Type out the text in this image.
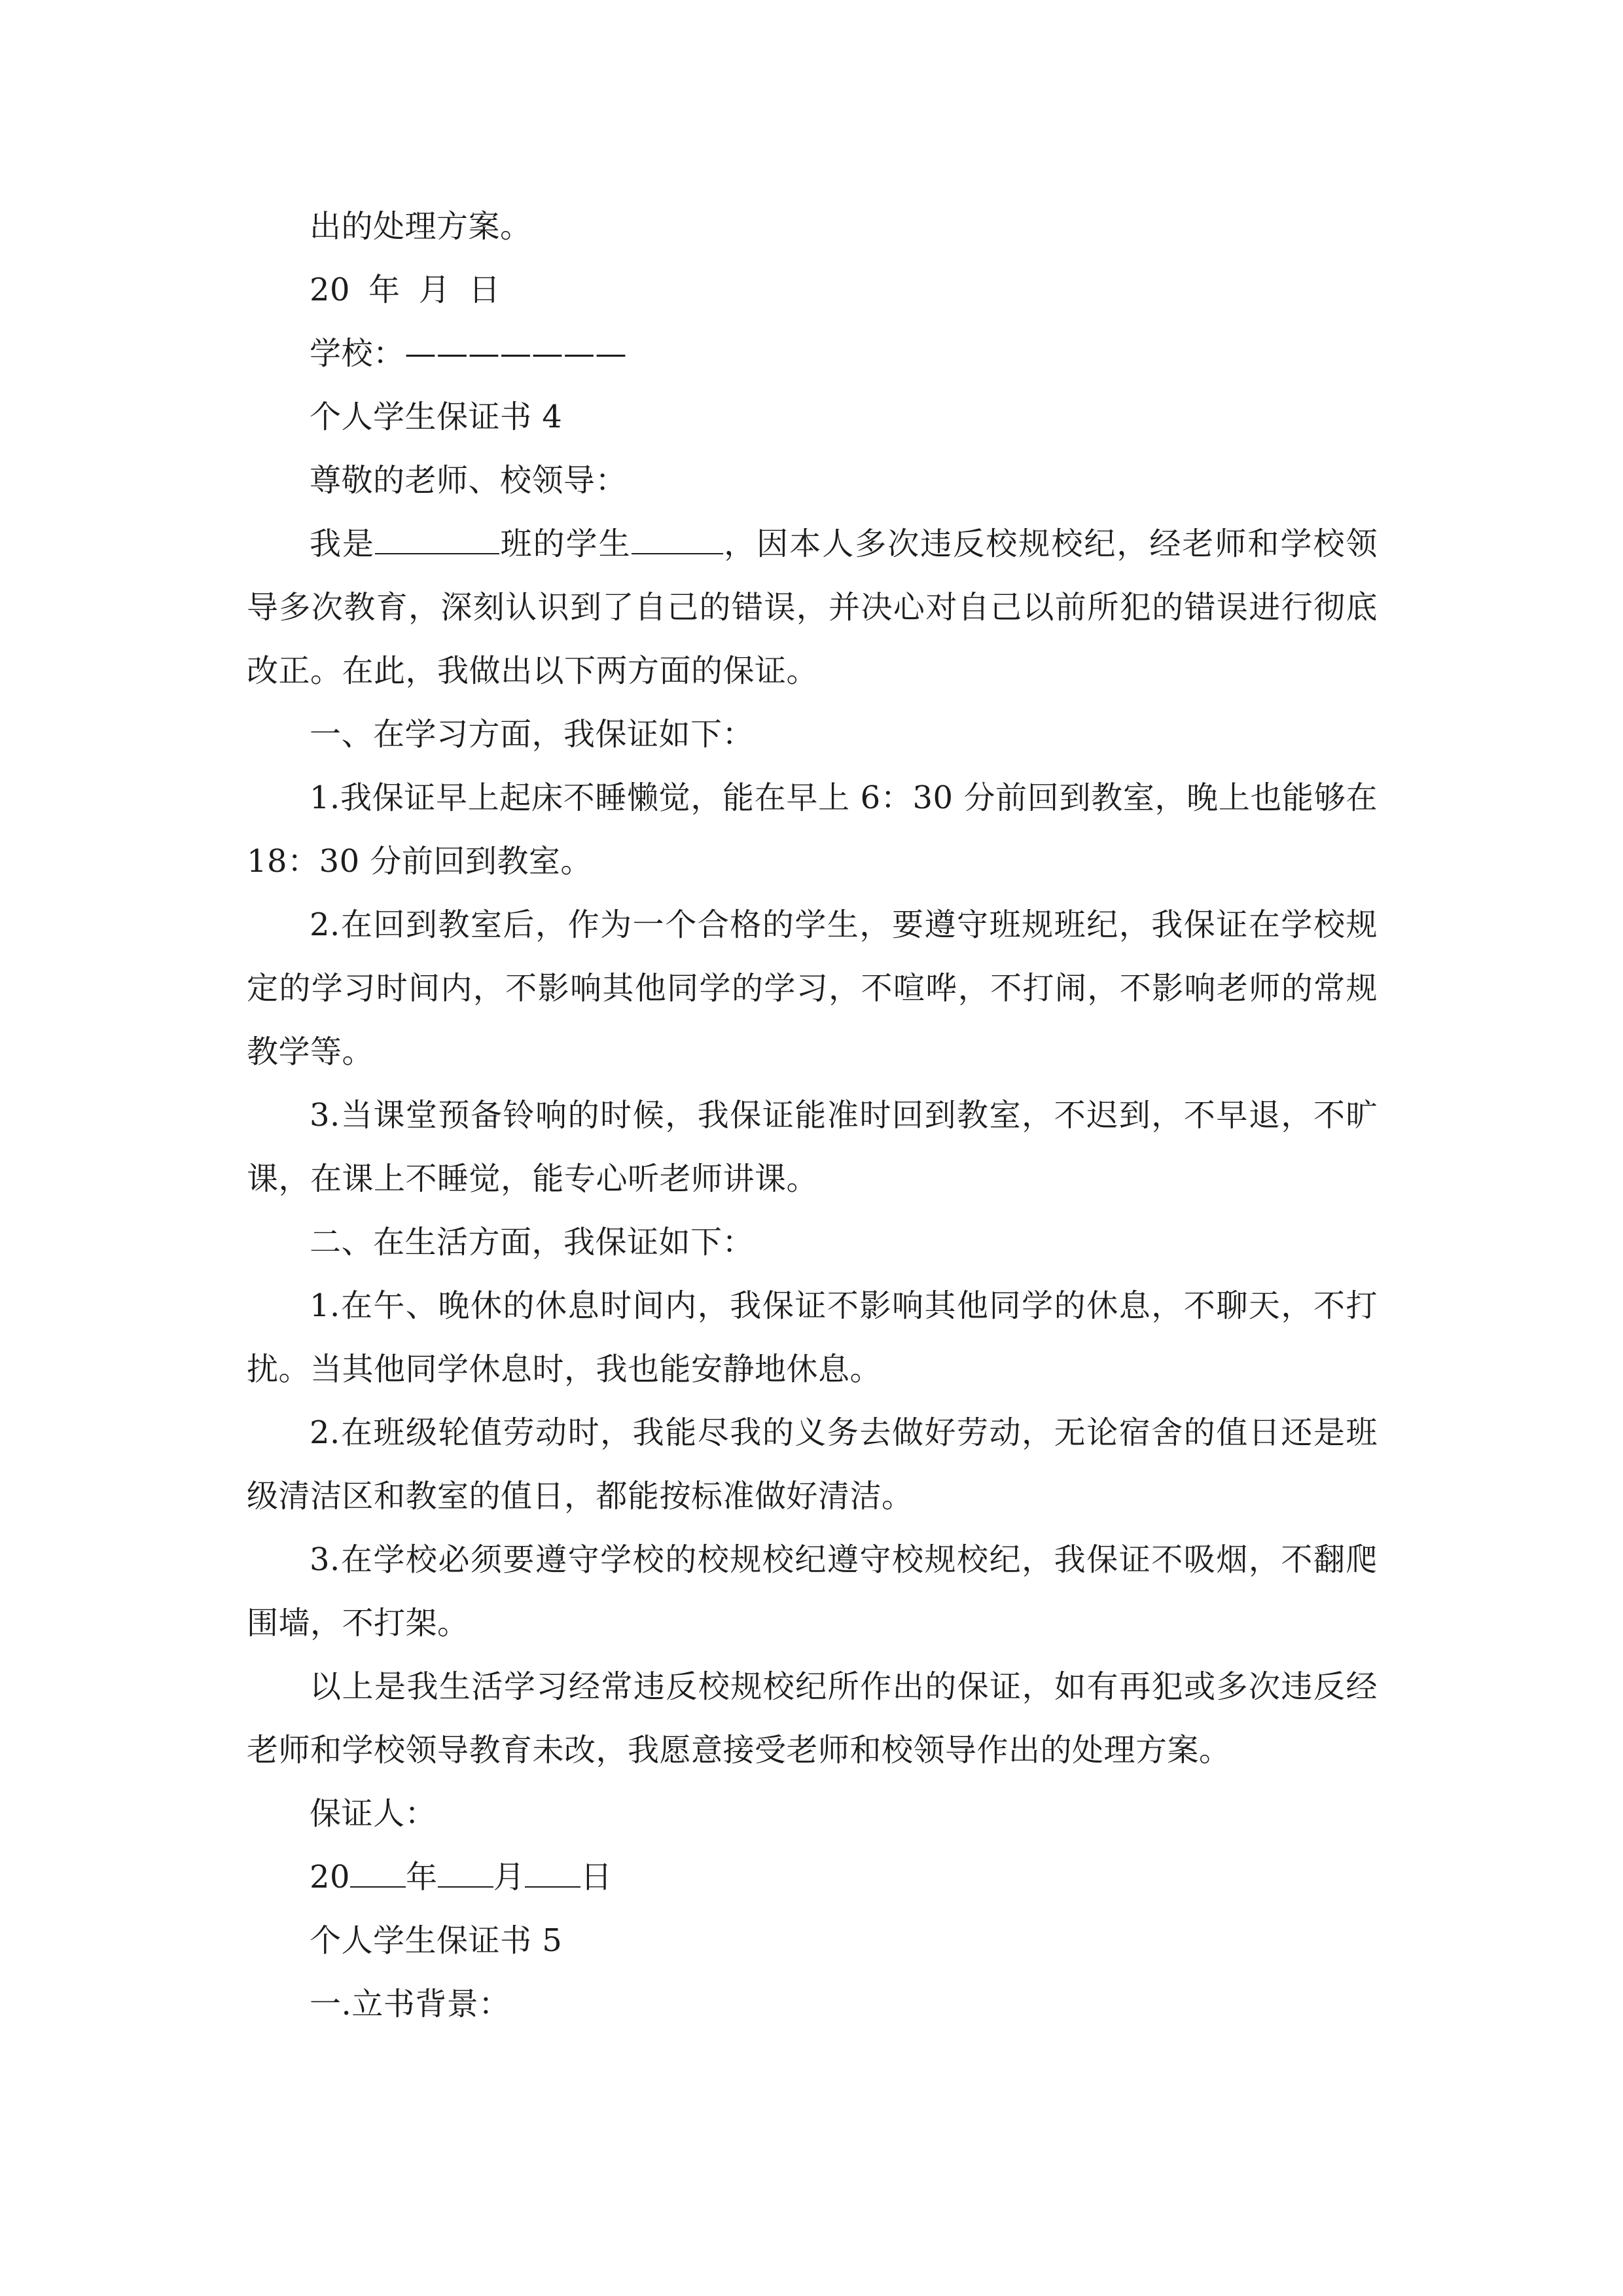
出的处理方案。

20 年 月 日

学校：———————

个人学生保证书 4

尊敬的老师、校领导：

我是	班的学生	，因本人多次违反校规校纪，经老师和学校领导多次教育，深刻认识到了自己的错误，并决心对自己以前所犯的错误进行彻底改正。在此，我做出以下两方面的保证。

一、在学习方面，我保证如下：

1.我保证早上起床不睡懒觉，能在早上 6：30 分前回到教室，晚上也能够在 18：30 分前回到教室。

2.在回到教室后，作为一个合格的学生，要遵守班规班纪，我保证在学校规定的学习时间内，不影响其他同学的学习，不喧哗，不打闹，不影响老师的常规教学等。

3.当课堂预备铃响的时候，我保证能准时回到教室，不迟到，不早退，不旷课，在课上不睡觉，能专心听老师讲课。

二、在生活方面，我保证如下：

1.在午、晚休的休息时间内，我保证不影响其他同学的休息，不聊天，不打扰。当其他同学休息时，我也能安静地休息。

2.在班级轮值劳动时，我能尽我的义务去做好劳动，无论宿舍的值日还是班级清洁区和教室的值日，都能按标准做好清洁。

3.在学校必须要遵守学校的校规校纪遵守校规校纪，我保证不吸烟，不翻爬围墙，不打架。

以上是我生活学习经常违反校规校纪所作出的保证，如有再犯或多次违反经老师和学校领导教育未改，我愿意接受老师和校领导作出的处理方案。

保证人：

20 年 月 日

个人学生保证书 5

一.立书背景：
